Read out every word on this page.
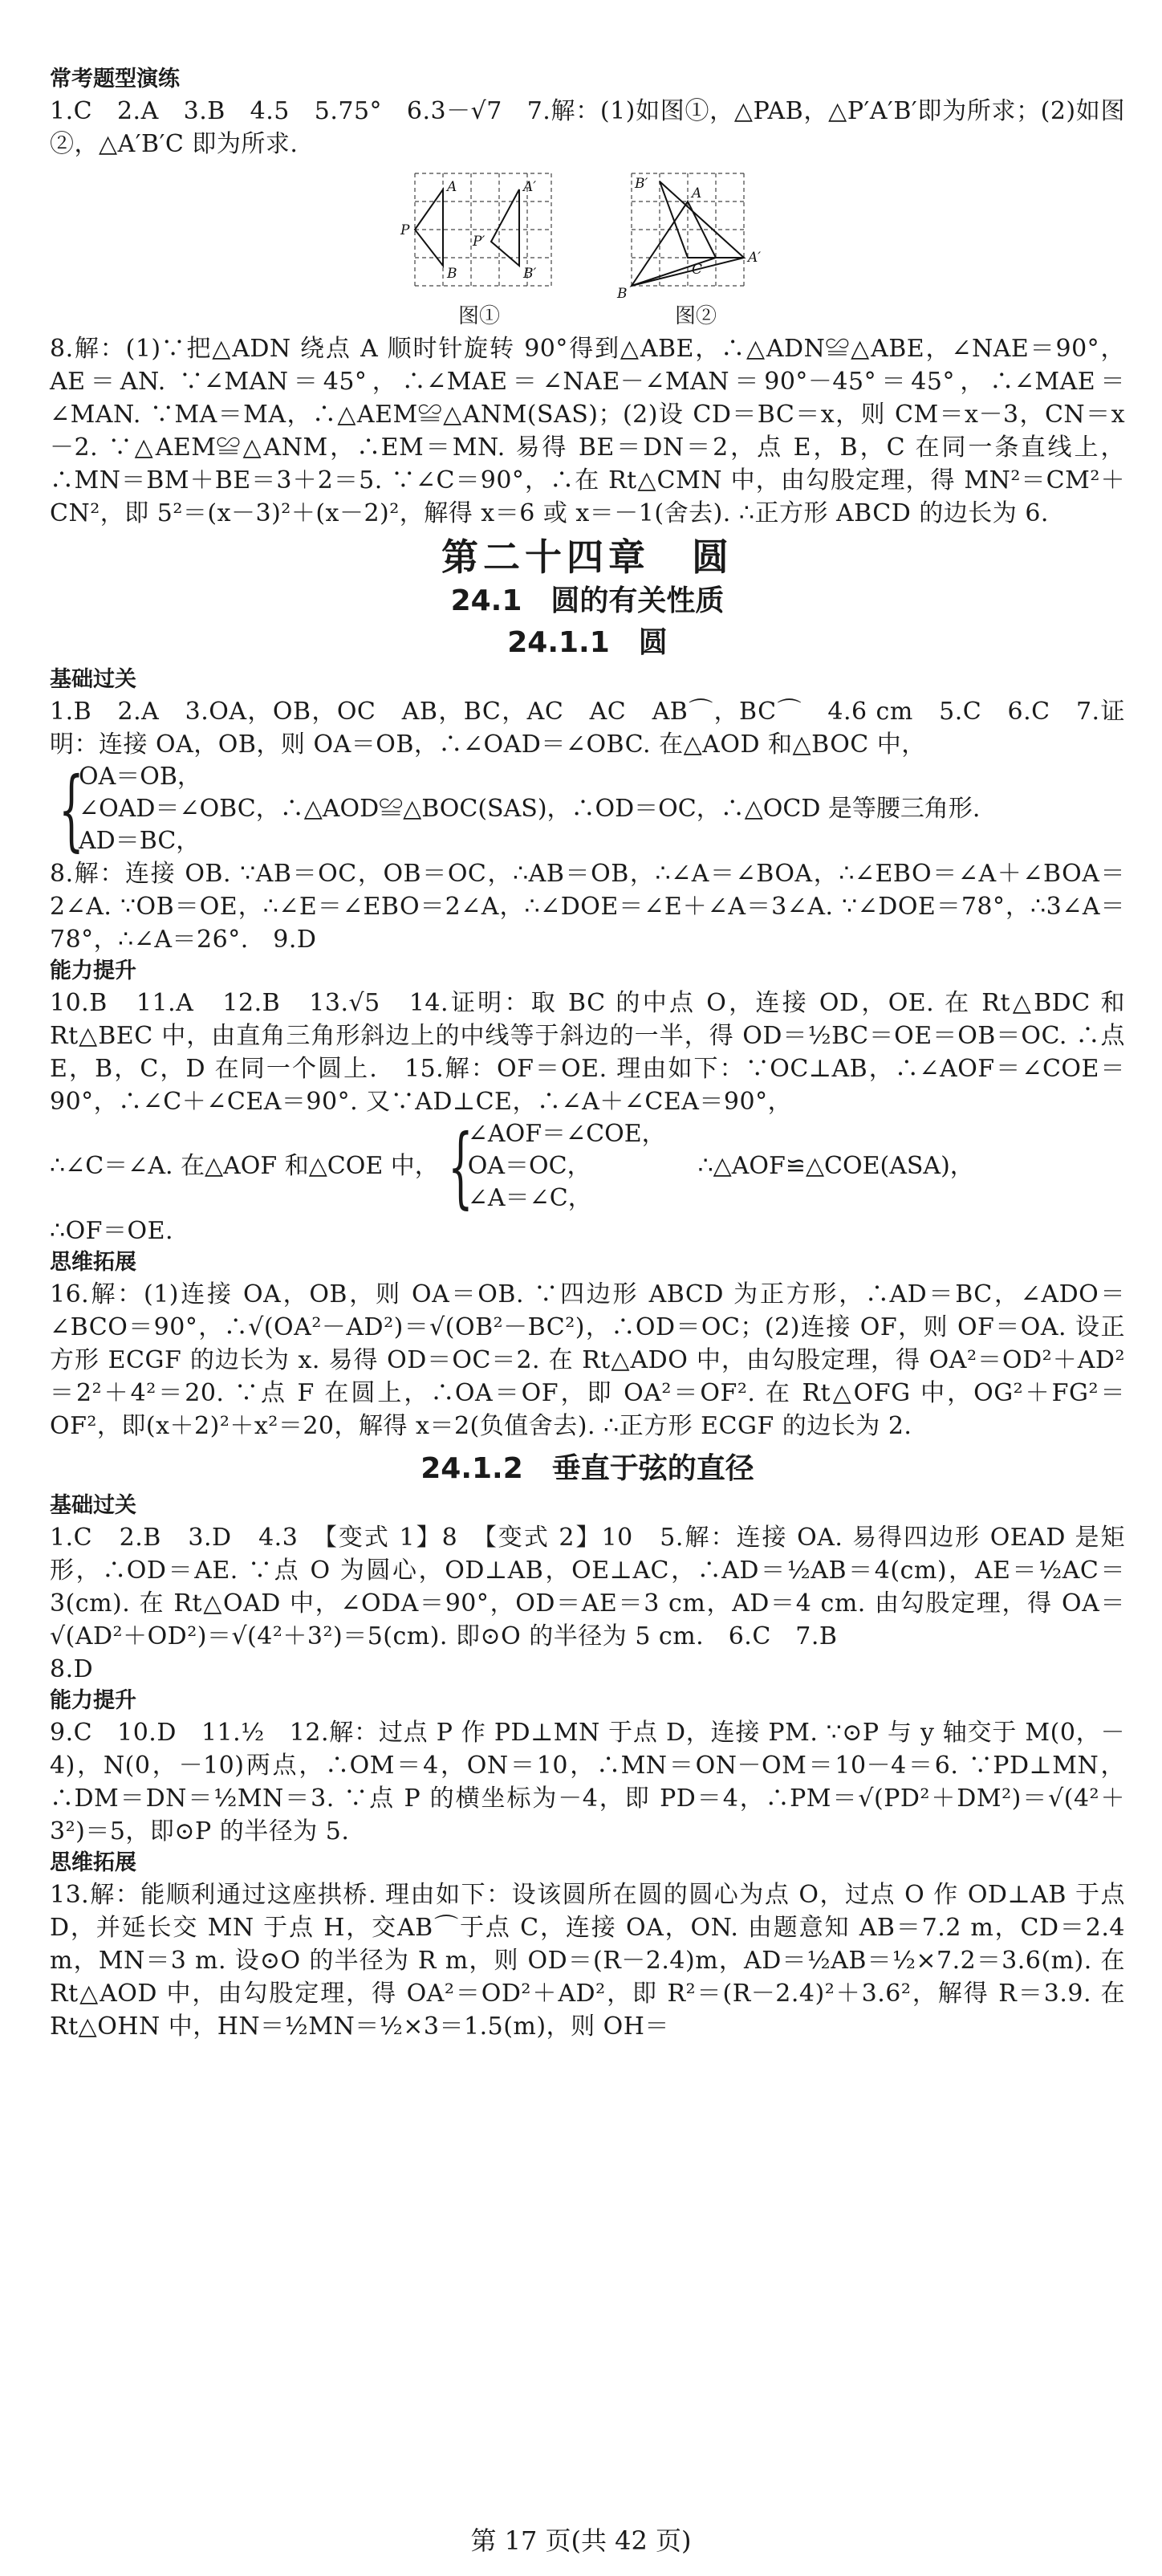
常考题型演练

1.C　2.A　3.B　4.5　5.75°　6.3－√7　7.解：(1)如图①，△PAB，△P′A′B′即为所求；(2)如图②，△A′B′C 即为所求.

A	A′
P
P′
B	B′
图①
B′
A
C
B
A′
图②

8.解：(1)∵把△ADN 绕点 A 顺时针旋转 90°得到△ABE，∴△ADN≌△ABE，∠NAE＝90°，AE＝AN. ∵∠MAN＝45°，∴∠MAE＝∠NAE－∠MAN＝90°－45°＝45°，∴∠MAE＝∠MAN. ∵MA＝MA，∴△AEM≌△ANM(SAS)；(2)设 CD＝BC＝x，则 CM＝x－3，CN＝x－2. ∵△AEM≌△ANM，∴EM＝MN. 易得 BE＝DN＝2，点 E，B，C 在同一条直线上，∴MN＝BM＋BE＝3＋2＝5. ∵∠C＝90°，∴在 Rt△CMN 中，由勾股定理，得 MN²＝CM²＋CN²，即 5²＝(x－3)²＋(x－2)²，解得 x＝6 或 x＝－1(舍去). ∴正方形 ABCD 的边长为 6.

第二十四章　圆

24.1　圆的有关性质

24.1.1　圆

基础过关

1.B　2.A　3.OA，OB，OC　AB，BC，AC　AC　AB⌒，BC⌒　4.6 cm　5.C　6.C　7.证明：连接 OA，OB，则 OA＝OB，∴∠OAD＝∠OBC. 在△AOD 和△BOC 中，

{
OA＝OB，
∠OAD＝∠OBC，∴△AOD≌△BOC(SAS)，∴OD＝OC，∴△OCD 是等腰三角形.
AD＝BC，

8.解：连接 OB. ∵AB＝OC，OB＝OC，∴AB＝OB，∴∠A＝∠BOA，∴∠EBO＝∠A＋∠BOA＝2∠A. ∵OB＝OE，∴∠E＝∠EBO＝2∠A，∴∠DOE＝∠E＋∠A＝3∠A. ∵∠DOE＝78°，∴3∠A＝78°，∴∠A＝26°.　9.D

能力提升

10.B　11.A　12.B　13.√5　14.证明：取 BC 的中点 O，连接 OD，OE. 在 Rt△BDC 和 Rt△BEC 中，由直角三角形斜边上的中线等于斜边的一半，得 OD＝½BC＝OE＝OB＝OC. ∴点 E，B，C，D 在同一个圆上.　15.解：OF＝OE. 理由如下：∵OC⊥AB，∴∠AOF＝∠COE＝90°，∴∠C＋∠CEA＝90°. 又∵AD⊥CE，∴∠A＋∠CEA＝90°，

∴∠C＝∠A. 在△AOF 和△COE 中， {
∠AOF＝∠COE，
OA＝OC，
∠A＝∠C，
∴△AOF≌△COE(ASA)，

∴OF＝OE.

思维拓展

16.解：(1)连接 OA，OB，则 OA＝OB. ∵四边形 ABCD 为正方形，∴AD＝BC，∠ADO＝∠BCO＝90°，∴√(OA²－AD²)＝√(OB²－BC²)，∴OD＝OC；(2)连接 OF，则 OF＝OA. 设正方形 ECGF 的边长为 x. 易得 OD＝OC＝2. 在 Rt△ADO 中，由勾股定理，得 OA²＝OD²＋AD²＝2²＋4²＝20. ∵点 F 在圆上，∴OA＝OF，即 OA²＝OF². 在 Rt△OFG 中，OG²＋FG²＝OF²，即(x＋2)²＋x²＝20，解得 x＝2(负值舍去). ∴正方形 ECGF 的边长为 2.

24.1.2　垂直于弦的直径

基础过关

1.C　2.B　3.D　4.3　【变式 1】8　【变式 2】10　5.解：连接 OA. 易得四边形 OEAD 是矩形，∴OD＝AE. ∵点 O 为圆心，OD⊥AB，OE⊥AC，∴AD＝½AB＝4(cm)，AE＝½AC＝3(cm). 在 Rt△OAD 中，∠ODA＝90°，OD＝AE＝3 cm，AD＝4 cm. 由勾股定理，得 OA＝√(AD²＋OD²)＝√(4²＋3²)＝5(cm). 即⊙O 的半径为 5 cm.　6.C　7.B

8.D

能力提升

9.C　10.D　11.½　12.解：过点 P 作 PD⊥MN 于点 D，连接 PM. ∵⊙P 与 y 轴交于 M(0，－4)，N(0，－10)两点，∴OM＝4，ON＝10，∴MN＝ON－OM＝10－4＝6. ∵PD⊥MN，∴DM＝DN＝½MN＝3. ∵点 P 的横坐标为－4，即 PD＝4，∴PM＝√(PD²＋DM²)＝√(4²＋3²)＝5，即⊙P 的半径为 5.

思维拓展

13.解：能顺利通过这座拱桥. 理由如下：设该圆所在圆的圆心为点 O，过点 O 作 OD⊥AB 于点 D，并延长交 MN 于点 H，交AB⌒于点 C，连接 OA，ON. 由题意知 AB＝7.2 m，CD＝2.4 m，MN＝3 m. 设⊙O 的半径为 R m，则 OD＝(R－2.4)m，AD＝½AB＝½×7.2＝3.6(m). 在 Rt△AOD 中，由勾股定理，得 OA²＝OD²＋AD²，即 R²＝(R－2.4)²＋3.6²，解得 R＝3.9. 在 Rt△OHN 中，HN＝½MN＝½×3＝1.5(m)，则 OH＝

第 17 页(共 42 页)
